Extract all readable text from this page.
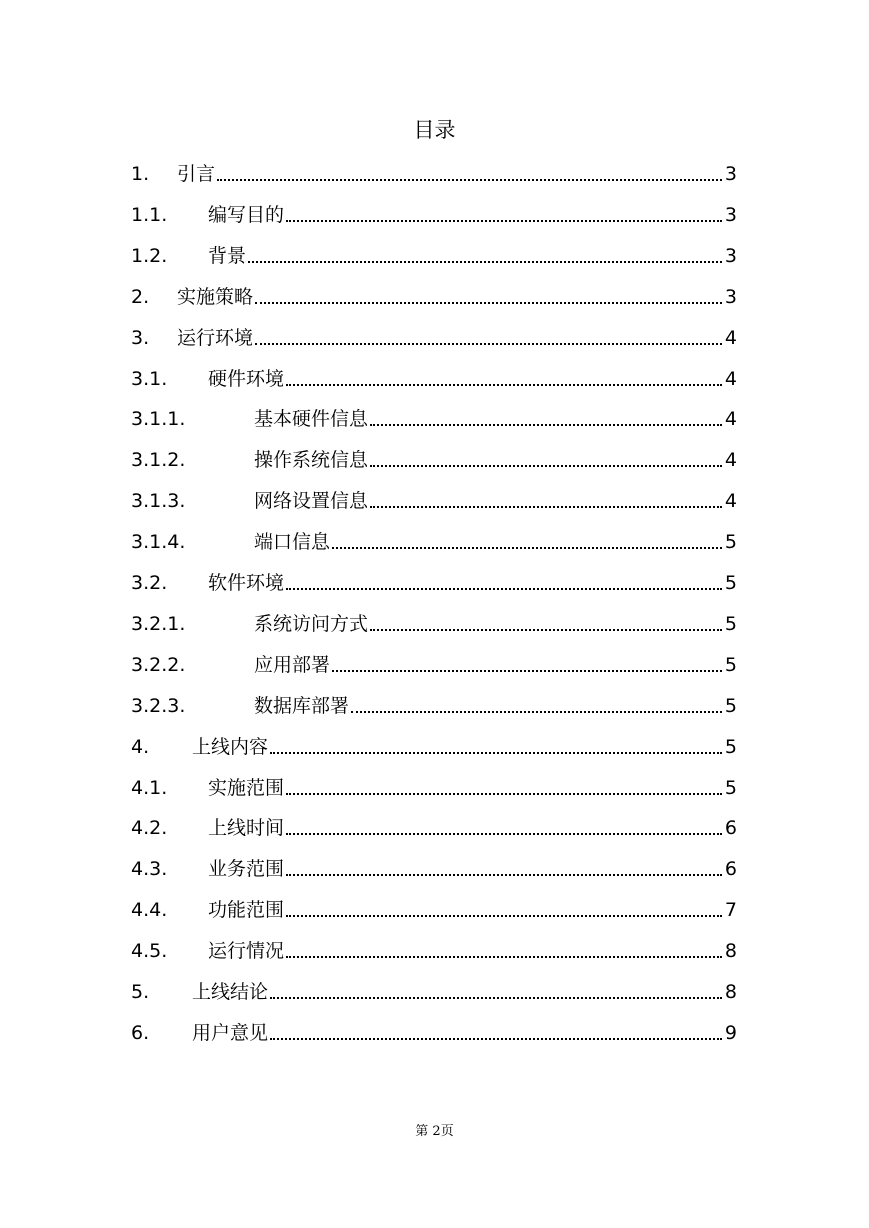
目录
1.	引言	3
1.1.	编写目的	3
1.2.	背景	3
2.	实施策略	3
3.	运行环境	4
3.1.	硬件环境	4
3.1.1.	基本硬件信息	4
3.1.2.	操作系统信息	4
3.1.3.	网络设置信息	4
3.1.4.	端口信息	5
3.2.	软件环境	5
3.2.1.	系统访问方式	5
3.2.2.	应用部署	5
3.2.3.	数据库部署	5
4.	上线内容	5
4.1.	实施范围	5
4.2.	上线时间	6
4.3.	业务范围	6
4.4.	功能范围	7
4.5.	运行情况	8
5.	上线结论	8
6.	用户意见	9
第 2页
